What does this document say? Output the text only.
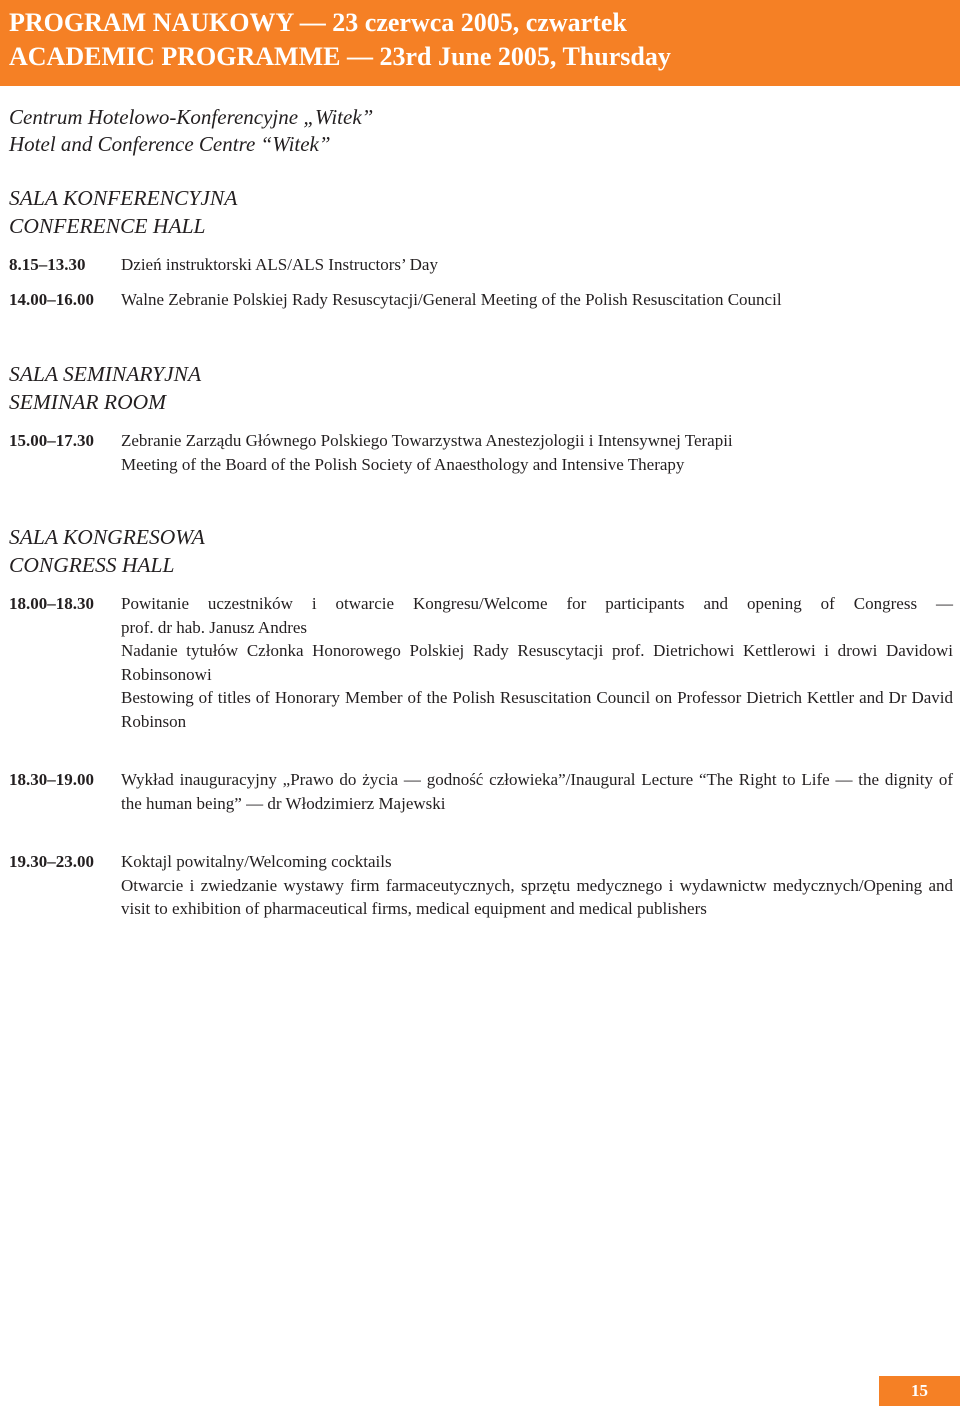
PROGRAM NAUKOWY — 23 czerwca 2005, czwartek
ACADEMIC PROGRAMME — 23rd June 2005, Thursday
Centrum Hotelowo-Konferencyjne „Witek”
Hotel and Conference Centre “Witek”
SALA KONFERENCYJNA
CONFERENCE HALL
8.15–13.30 Dzień instruktorski ALS/ALS Instructors’ Day
14.00–16.00 Walne Zebranie Polskiej Rady Resuscytacji/General Meeting of the Polish Resuscitation Council
SALA SEMINARYJNA
SEMINAR ROOM
15.00–17.30 Zebranie Zarządu Głównego Polskiego Towarzystwa Anestezjologii i Intensywnej Terapii
Meeting of the Board of the Polish Society of Anaesthology and Intensive Therapy
SALA KONGRESOWA
CONGRESS HALL
18.00–18.30 Powitanie uczestników i otwarcie Kongresu/Welcome for participants and opening of Congress —
prof. dr hab. Janusz Andres
Nadanie tytułów Członka Honorowego Polskiej Rady Resuscytacji prof. Dietrichowi Kettlerowi i drowi Davidowi Robinsonowi
Bestowing of titles of Honorary Member of the Polish Resuscitation Council on Professor Dietrich Kettler and Dr David Robinson
18.30–19.00 Wykład inauguracyjny „Prawo do życia — godność człowieka”/Inaugural Lecture “The Right to Life — the dignity of the human being” — dr Włodzimierz Majewski
19.30–23.00 Koktajl powitalny/Welcoming cocktails
Otwarcie i zwiedzanie wystawy firm farmaceutycznych, sprzętu medycznego i wydawnictw medycznych/Opening and visit to exhibition of pharmaceutical firms, medical equipment and medical publishers
15
